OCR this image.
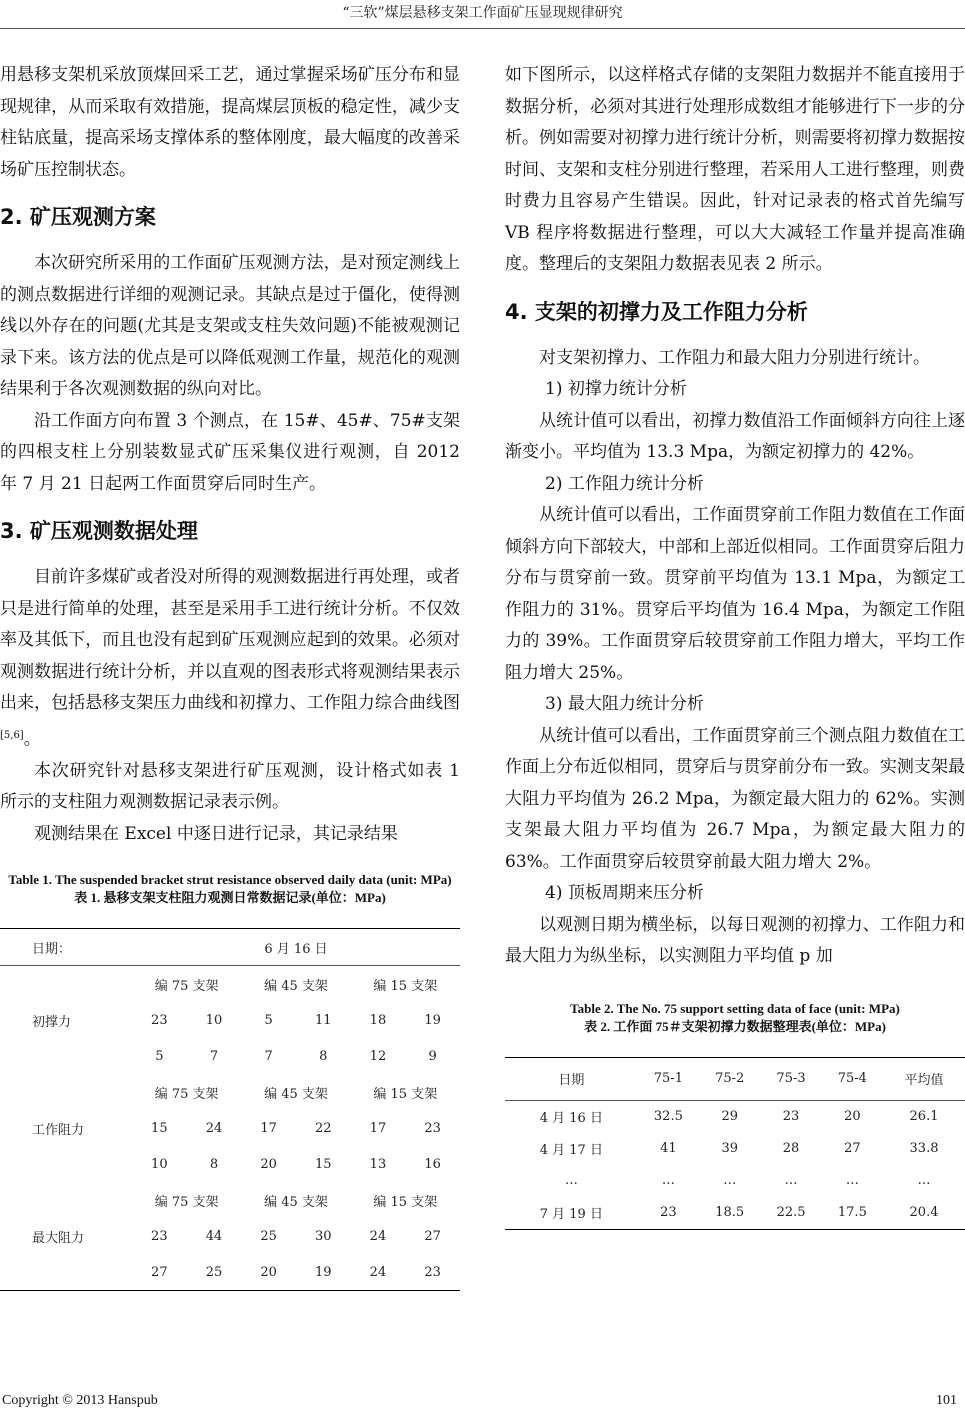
“三软”煤层悬移支架工作面矿压显现规律研究

用悬移支架机采放顶煤回采工艺，通过掌握采场矿压分布和显现规律，从而采取有效措施，提高煤层顶板的稳定性，减少支柱钻底量，提高采场支撑体系的整体刚度，最大幅度的改善采场矿压控制状态。

2. 矿压观测方案

本次研究所采用的工作面矿压观测方法，是对预定测线上的测点数据进行详细的观测记录。其缺点是过于僵化，使得测线以外存在的问题(尤其是支架或支柱失效问题)不能被观测记录下来。该方法的优点是可以降低观测工作量，规范化的观测结果利于各次观测数据的纵向对比。

沿工作面方向布置 3 个测点，在 15#、45#、75#支架的四根支柱上分别装数显式矿压采集仪进行观测，自 2012 年 7 月 21 日起两工作面贯穿后同时生产。

3. 矿压观测数据处理

目前许多煤矿或者没对所得的观测数据进行再处理，或者只是进行简单的处理，甚至是采用手工进行统计分析。不仅效率及其低下，而且也没有起到矿压观测应起到的效果。必须对观测数据进行统计分析，并以直观的图表形式将观测结果表示出来，包括悬移支架压力曲线和初撑力、工作阻力综合曲线图[5,6]。

本次研究针对悬移支架进行矿压观测，设计格式如表 1 所示的支柱阻力观测数据记录表示例。

观测结果在 Excel 中逐日进行记录，其记录结果

Table 1. The suspended bracket strut resistance observed daily data (unit: MPa)
表 1. 悬移支架支柱阻力观测日常数据记录(单位：MPa)
日期：	6 月 16 日					
	编 75 支架		编 45 支架		编 15 支架	
初撑力	23	10	5	11	18	19
	5	7	7	8	12	9
	编 75 支架		编 45 支架		编 15 支架	
工作阻力	15	24	17	22	17	23
	10	8	20	15	13	16
	编 75 支架		编 45 支架		编 15 支架	
最大阻力	23	44	25	30	24	27
	27	25	20	19	24	23

如下图所示，以这样格式存储的支架阻力数据并不能直接用于数据分析，必须对其进行处理形成数组才能够进行下一步的分析。例如需要对初撑力进行统计分析，则需要将初撑力数据按时间、支架和支柱分别进行整理，若采用人工进行整理，则费时费力且容易产生错误。因此，针对记录表的格式首先编写 VB 程序将数据进行整理，可以大大减轻工作量并提高准确度。整理后的支架阻力数据表见表 2 所示。

4. 支架的初撑力及工作阻力分析

对支架初撑力、工作阻力和最大阻力分别进行统计。

1) 初撑力统计分析

从统计值可以看出，初撑力数值沿工作面倾斜方向往上逐渐变小。平均值为 13.3 Mpa，为额定初撑力的 42%。

2) 工作阻力统计分析

从统计值可以看出，工作面贯穿前工作阻力数值在工作面倾斜方向下部较大，中部和上部近似相同。工作面贯穿后阻力分布与贯穿前一致。贯穿前平均值为 13.1 Mpa，为额定工作阻力的 31%。贯穿后平均值为 16.4 Mpa，为额定工作阻力的 39%。工作面贯穿后较贯穿前工作阻力增大，平均工作阻力增大 25%。

3) 最大阻力统计分析

从统计值可以看出，工作面贯穿前三个测点阻力数值在工作面上分布近似相同，贯穿后与贯穿前分布一致。实测支架最大阻力平均值为 26.2 Mpa，为额定最大阻力的 62%。实测支架最大阻力平均值为 26.7 Mpa，为额定最大阻力的 63%。工作面贯穿后较贯穿前最大阻力增大 2%。

4) 顶板周期来压分析

以观测日期为横坐标，以每日观测的初撑力、工作阻力和最大阻力为纵坐标，以实测阻力平均值 p 加

Table 2. The No. 75 support setting data of face (unit: MPa)
表 2. 工作面 75＃支架初撑力数据整理表(单位：MPa)
日期	75-1	75-2	75-3	75-4	平均值
4 月 16 日	32.5	29	23	20	26.1
4 月 17 日	41	39	28	27	33.8
…	…	…	…	…	…
7 月 19 日	23	18.5	22.5	17.5	20.4
Copyright © 2013 Hanspub	101
